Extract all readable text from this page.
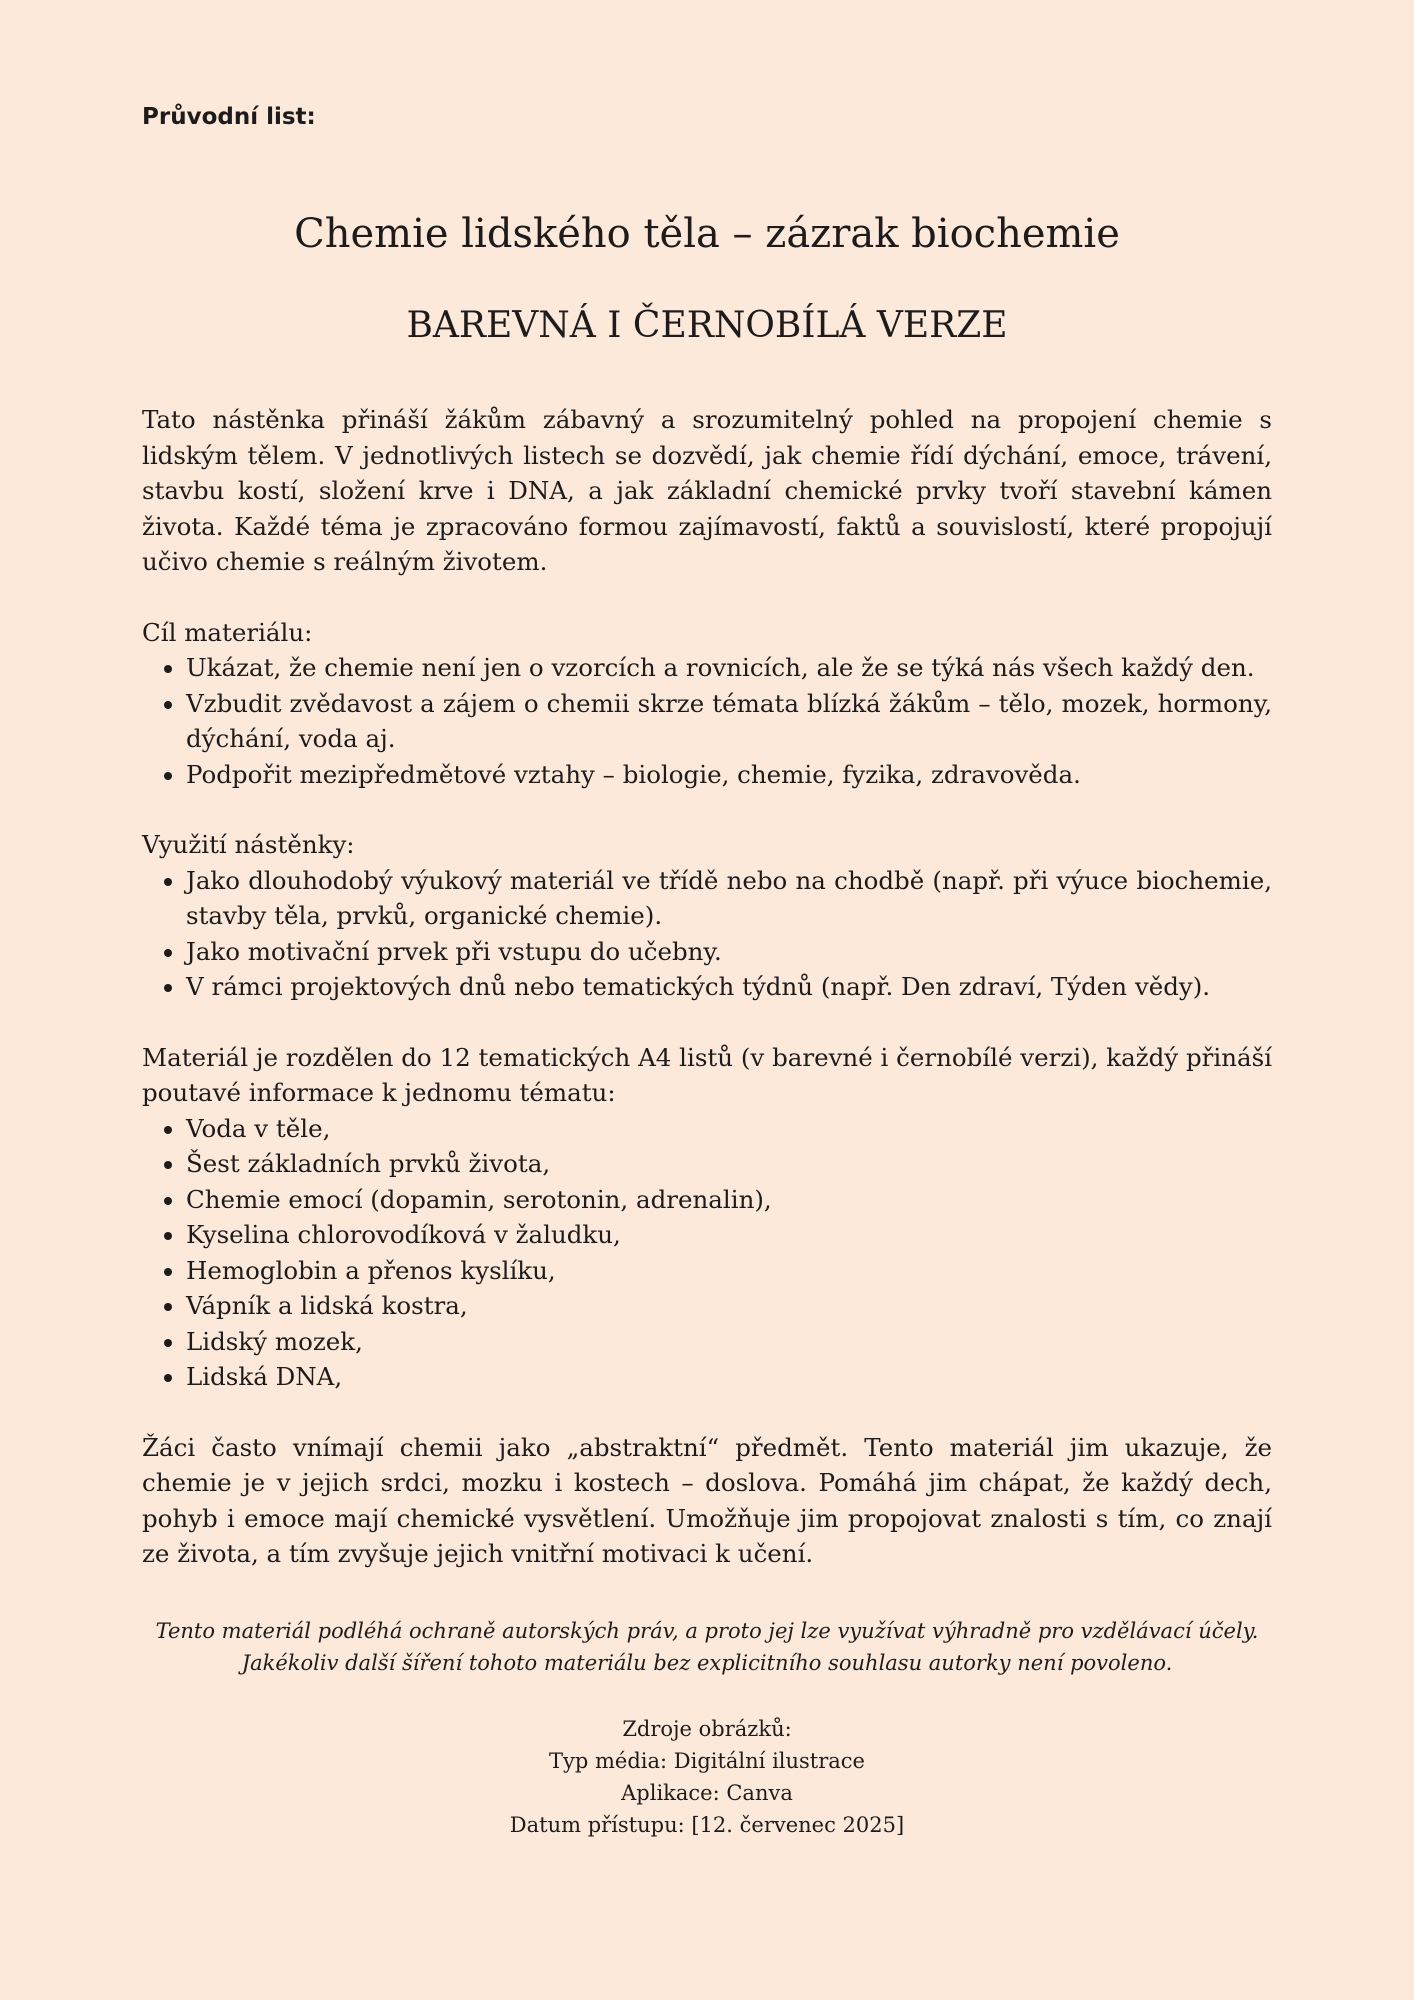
Průvodní list:

Chemie lidského těla – zázrak biochemie
BAREVNÁ I ČERNOBÍLÁ VERZE

Tato nástěnka přináší žákům zábavný a srozumitelný pohled na propojení chemie s lidským tělem. V jednotlivých listech se dozvědí, jak chemie řídí dýchání, emoce, trávení, stavbu kostí, složení krve i DNA, a jak základní chemické prvky tvoří stavební kámen života. Každé téma je zpracováno formou zajímavostí, faktů a souvislostí, které propojují učivo chemie s reálným životem.

Cíl materiálu:

• Ukázat, že chemie není jen o vzorcích a rovnicích, ale že se týká nás všech každý den.
• Vzbudit zvědavost a zájem o chemii skrze témata blízká žákům – tělo, mozek, hormony, dýchání, voda aj.
• Podpořit mezipředmětové vztahy – biologie, chemie, fyzika, zdravověda.

Využití nástěnky:

• Jako dlouhodobý výukový materiál ve třídě nebo na chodbě (např. při výuce biochemie, stavby těla, prvků, organické chemie).
• Jako motivační prvek při vstupu do učebny.
• V rámci projektových dnů nebo tematických týdnů (např. Den zdraví, Týden vědy).

Materiál je rozdělen do 12 tematických A4 listů (v barevné i černobílé verzi), každý přináší poutavé informace k jednomu tématu:

• Voda v těle,
• Šest základních prvků života,
• Chemie emocí (dopamin, serotonin, adrenalin),
• Kyselina chlorovodíková v žaludku,
• Hemoglobin a přenos kyslíku,
• Vápník a lidská kostra,
• Lidský mozek,
• Lidská DNA,

Žáci často vnímají chemii jako „abstraktní“ předmět. Tento materiál jim ukazuje, že chemie je v jejich srdci, mozku i kostech – doslova. Pomáhá jim chápat, že každý dech, pohyb i emoce mají chemické vysvětlení. Umožňuje jim propojovat znalosti s tím, co znají ze života, a tím zvyšuje jejich vnitřní motivaci k učení.

Tento materiál podléhá ochraně autorských práv, a proto jej lze využívat výhradně pro vzdělávací účely. Jakékoliv další šíření tohoto materiálu bez explicitního souhlasu autorky není povoleno.

Zdroje obrázků:
Typ média: Digitální ilustrace
Aplikace: Canva
Datum přístupu: [12. červenec 2025]
